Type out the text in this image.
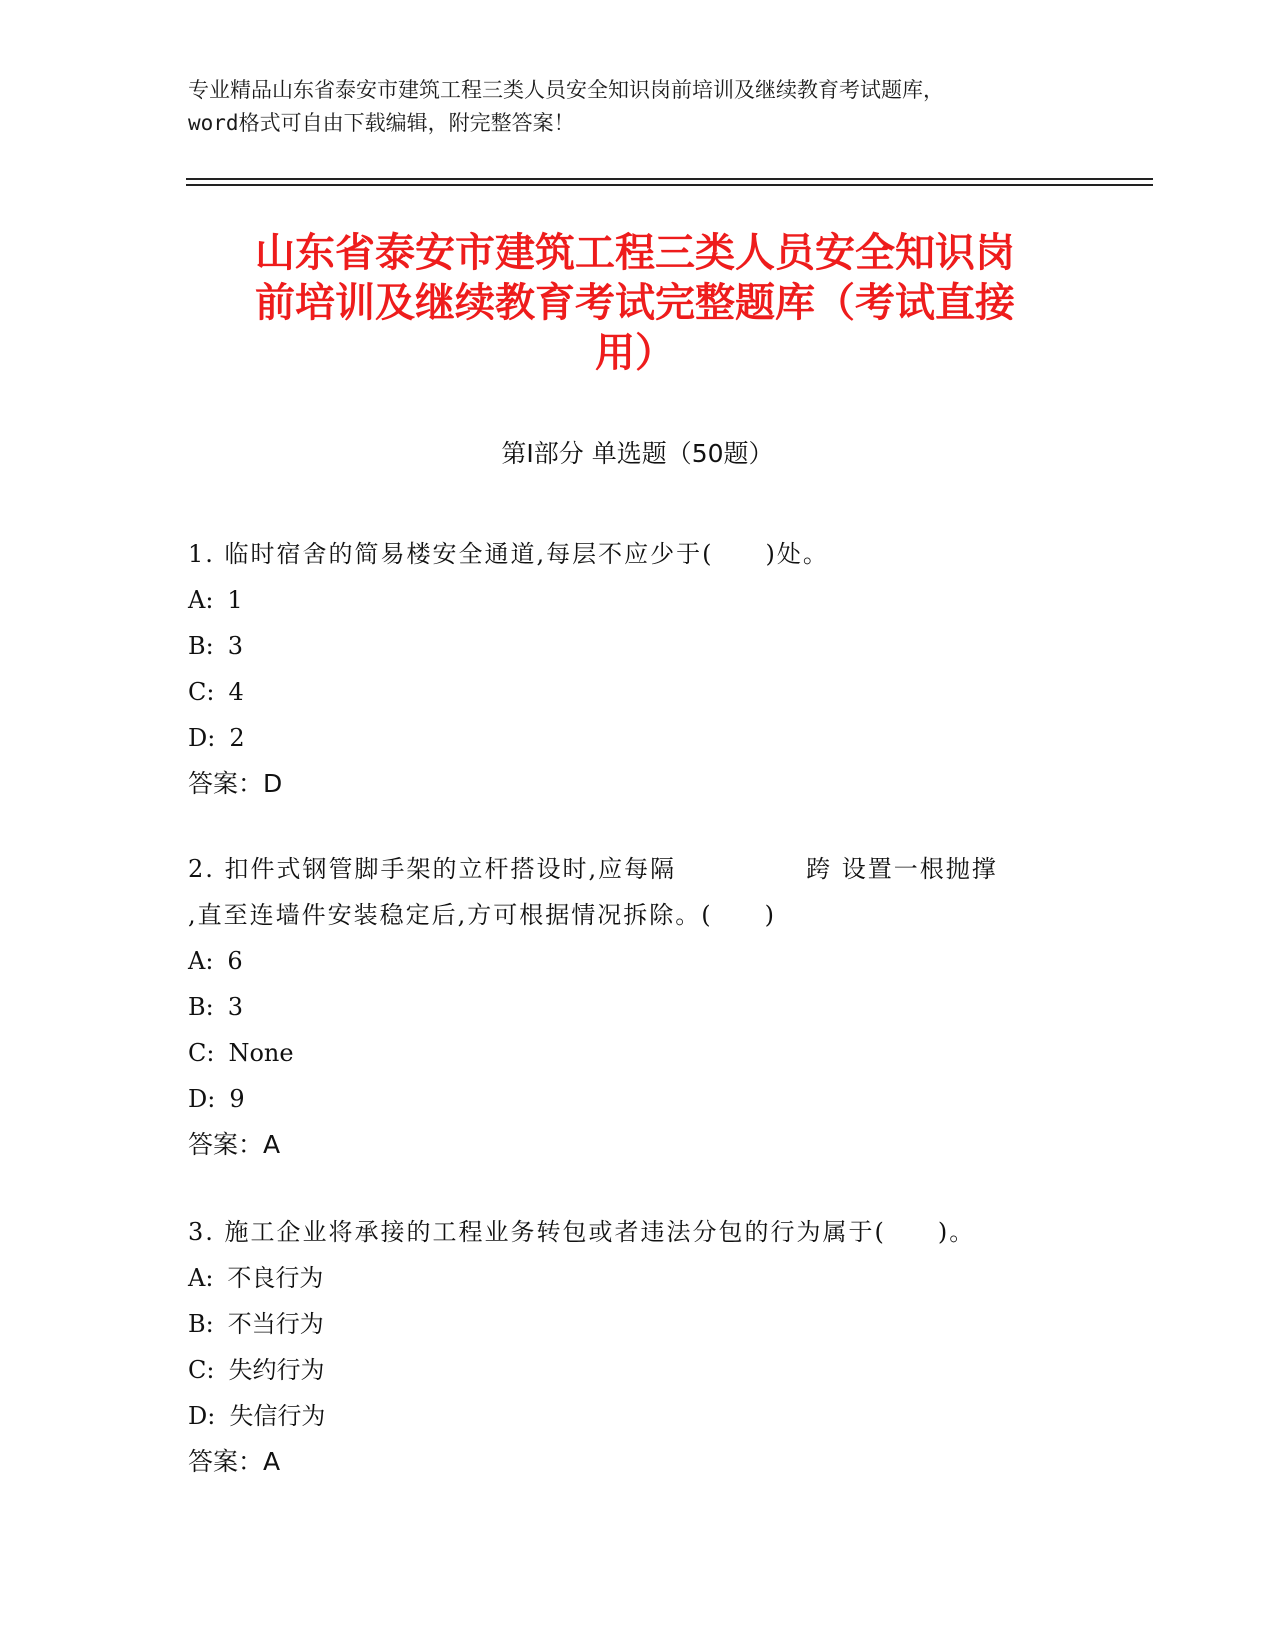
专业精品山东省泰安市建筑工程三类人员安全知识岗前培训及继续教育考试题库，
word格式可自由下载编辑，附完整答案！
山东省泰安市建筑工程三类人员安全知识岗
前培训及继续教育考试完整题库（考试直接
用）
第Ⅰ部分 单选题（50题）
1. 临时宿舍的简易楼安全通道,每层不应少于(　　)处。
A: 1
B: 3
C: 4
D: 2
答案：D
2. 扣件式钢管脚手架的立杆搭设时,应每隔　　　　　跨 设置一根抛撑
,直至连墙件安装稳定后,方可根据情况拆除。(　　)
A: 6
B: 3
C: None
D: 9
答案：A
3. 施工企业将承接的工程业务转包或者违法分包的行为属于(　　)。
A: 不良行为
B: 不当行为
C: 失约行为
D: 失信行为
答案：A
